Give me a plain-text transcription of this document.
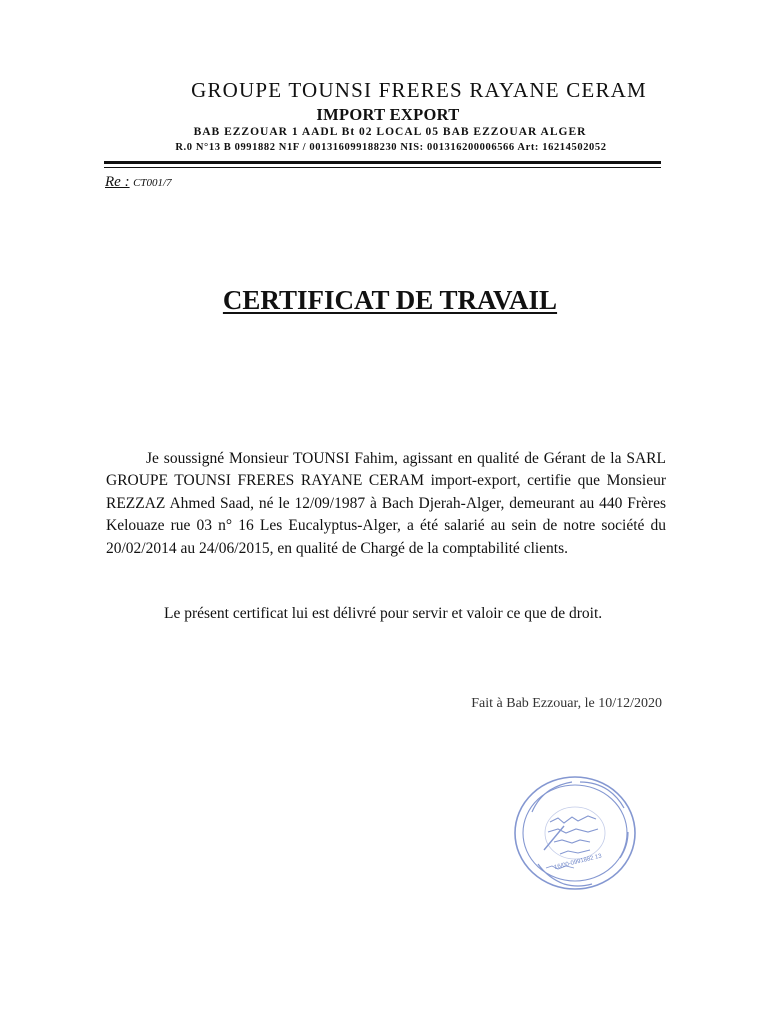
GROUPE TOUNSI FRERES RAYANE CERAM
IMPORT EXPORT
BAB EZZOUAR 1 AADL Bt 02 LOCAL 05 BAB EZZOUAR ALGER
R.0 N°13 B 0991882 N1F / 001316099188230 NIS: 001316200006566 Art: 16214502052
Re : CT001/7
CERTIFICAT DE TRAVAIL

Je soussigné Monsieur TOUNSI Fahim, agissant en qualité de Gérant de la SARL GROUPE TOUNSI FRERES RAYANE CERAM import-export, certifie que Monsieur REZZAZ Ahmed Saad, né le 12/09/1987 à Bach Djerah-Alger, demeurant au 440 Frères Kelouaze rue 03 n° 16 Les Eucalyptus-Alger, a été salarié au sein de notre société du 20/02/2014 au 24/06/2015, en qualité de Chargé de la comptabilité clients.

Le présent certificat lui est délivré pour servir et valoir ce que de droit.
Fait à Bab Ezzouar, le 10/12/2020
16/00-0991882 13
